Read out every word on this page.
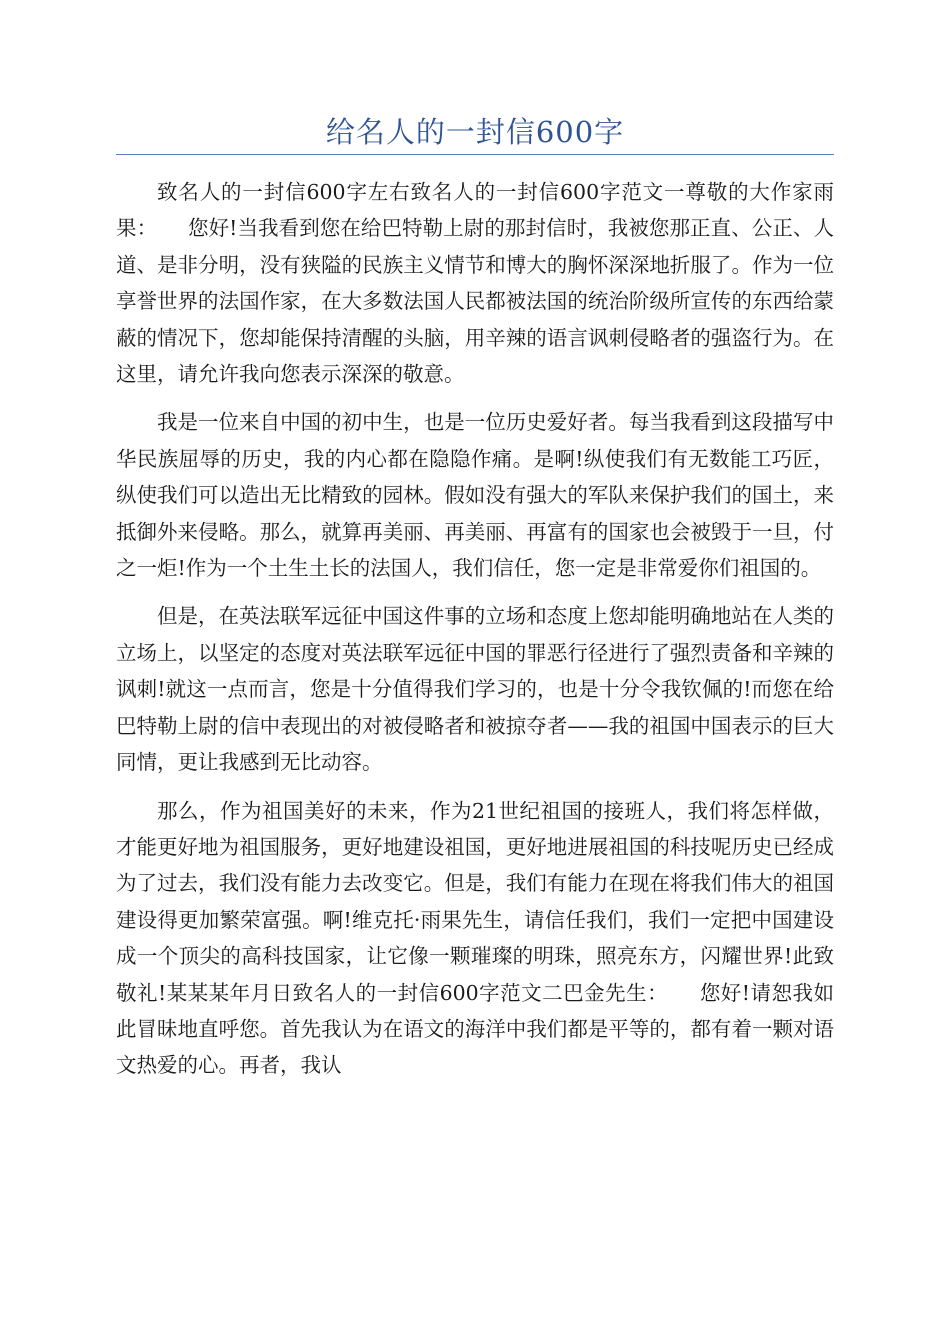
给名人的一封信600字

致名人的一封信600字左右致名人的一封信600字范文一尊敬的大作家雨果：　　您好!当我看到您在给巴特勒上尉的那封信时，我被您那正直、公正、人道、是非分明，没有狭隘的民族主义情节和博大的胸怀深深地折服了。作为一位享誉世界的法国作家，在大多数法国人民都被法国的统治阶级所宣传的东西给蒙蔽的情况下，您却能保持清醒的头脑，用辛辣的语言讽刺侵略者的强盗行为。在这里，请允许我向您表示深深的敬意。

我是一位来自中国的初中生，也是一位历史爱好者。每当我看到这段描写中华民族屈辱的历史，我的内心都在隐隐作痛。是啊!纵使我们有无数能工巧匠，纵使我们可以造出无比精致的园林。假如没有强大的军队来保护我们的国土，来抵御外来侵略。那么，就算再美丽、再美丽、再富有的国家也会被毁于一旦，付之一炬!作为一个土生土长的法国人，我们信任，您一定是非常爱你们祖国的。

但是，在英法联军远征中国这件事的立场和态度上您却能明确地站在人类的立场上，以坚定的态度对英法联军远征中国的罪恶行径进行了强烈责备和辛辣的讽刺!就这一点而言，您是十分值得我们学习的，也是十分令我钦佩的!而您在给巴特勒上尉的信中表现出的对被侵略者和被掠夺者——我的祖国中国表示的巨大同情，更让我感到无比动容。

那么，作为祖国美好的未来，作为21世纪祖国的接班人，我们将怎样做，才能更好地为祖国服务，更好地建设祖国，更好地进展祖国的科技呢历史已经成为了过去，我们没有能力去改变它。但是，我们有能力在现在将我们伟大的祖国建设得更加繁荣富强。啊!维克托·雨果先生，请信任我们，我们一定把中国建设成一个顶尖的高科技国家，让它像一颗璀璨的明珠，照亮东方，闪耀世界!此致敬礼!某某某年月日致名人的一封信600字范文二巴金先生：　　您好!请恕我如此冒昧地直呼您。首先我认为在语文的海洋中我们都是平等的，都有着一颗对语文热爱的心。再者，我认
